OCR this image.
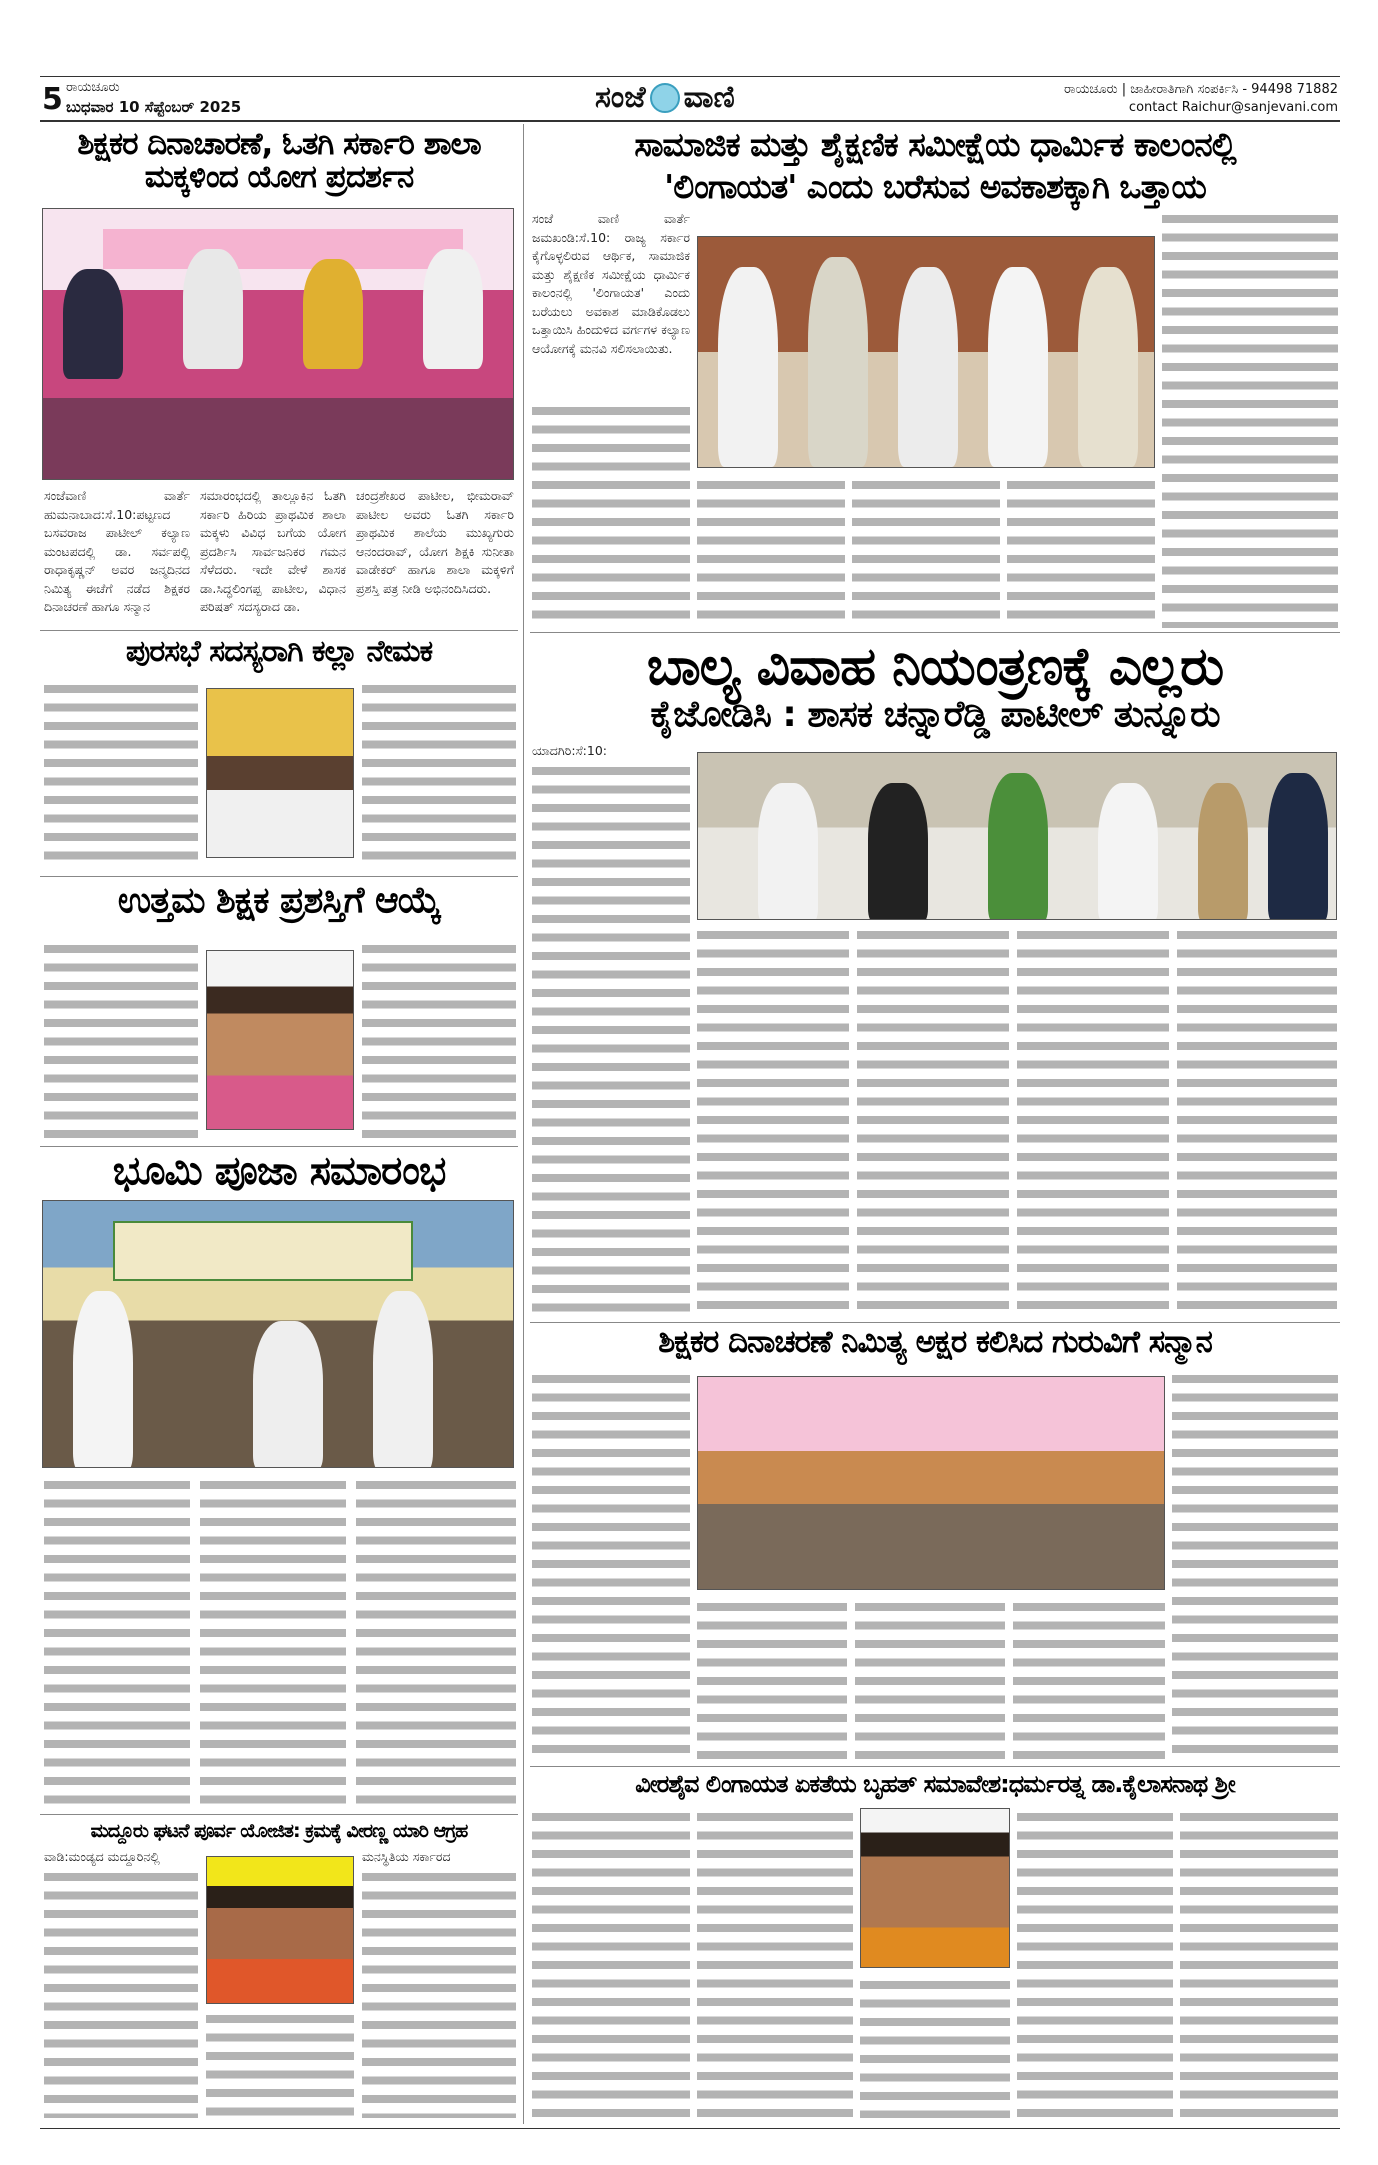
5 ರಾಯಚೂರು
ಬುಧವಾರ 10 ಸೆಪ್ಟೆಂಬರ್ 2025	ಸಂಜೆ ವಾಣಿ	ರಾಯಚೂರು | ಜಾಹೀರಾತಿಗಾಗಿ ಸಂಪರ್ಕಿಸಿ - 94498 71882
contact Raichur@sanjevani.com
ಶಿಕ್ಷಕರ ದಿನಾಚಾರಣೆ, ಓತಗಿ ಸರ್ಕಾರಿ ಶಾಲಾ ಮಕ್ಕಳಿಂದ ಯೋಗ ಪ್ರದರ್ಶನ
ಸಂಜೆವಾಣಿ ವಾರ್ತೆ ಹುಮನಾಬಾದ:ಸೆ.10:ಪಟ್ಟಣದ ಬಸವರಾಜ ಪಾಟೀಲ್ ಕಲ್ಯಾಣ ಮಂಟಪದಲ್ಲಿ ಡಾ. ಸರ್ವಪಲ್ಲಿ ರಾಧಾಕೃಷ್ಣನ್ ಅವರ ಜನ್ಮದಿನದ ನಿಮಿತ್ಯ ಈಚೆಗೆ ನಡೆದ ಶಿಕ್ಷಕರ ದಿನಾಚರಣೆ ಹಾಗೂ ಸನ್ಮಾನ
ಸಮಾರಂಭದಲ್ಲಿ ತಾಲ್ಲೂಕಿನ ಓತಗಿ ಸರ್ಕಾರಿ ಹಿರಿಯ ಪ್ರಾಥಮಿಕ ಶಾಲಾ ಮಕ್ಕಳು ವಿವಿಧ ಬಗೆಯ ಯೋಗ ಪ್ರದರ್ಶಿಸಿ ಸಾರ್ವಜನಿಕರ ಗಮನ ಸೆಳೆದರು. ಇದೇ ವೇಳೆ ಶಾಸಕ ಡಾ.ಸಿದ್ಧಲಿಂಗಪ್ಪ ಪಾಟೀಲ, ವಿಧಾನ ಪರಿಷತ್ ಸದಸ್ಯರಾದ ಡಾ.
ಚಂದ್ರಶೇಖರ ಪಾಟೀಲ, ಭೀಮರಾವ್ ಪಾಟೀಲ ಅವರು ಓತಗಿ ಸರ್ಕಾರಿ ಪ್ರಾಥಮಿಕ ಶಾಲೆಯ ಮುಖ್ಯಗುರು ಆನಂದರಾವ್, ಯೋಗ ಶಿಕ್ಷಕಿ ಸುನೀತಾ ವಾಡೇಕರ್ ಹಾಗೂ ಶಾಲಾ ಮಕ್ಕಳಿಗೆ ಪ್ರಶಸ್ತಿ ಪತ್ರ ನೀಡಿ ಅಭಿನಂದಿಸಿದರು.
ಸಾಮಾಜಿಕ ಮತ್ತು ಶೈಕ್ಷಣಿಕ ಸಮೀಕ್ಷೆಯ ಧಾರ್ಮಿಕ ಕಾಲಂನಲ್ಲಿ
'ಲಿಂಗಾಯತ' ಎಂದು ಬರೆಸುವ ಅವಕಾಶಕ್ಕಾಗಿ ಒತ್ತಾಯ
ಸಂಜೆ ವಾಣಿ ವಾರ್ತೆ ಜಮಖಂಡಿ:ಸೆ.10: ರಾಜ್ಯ ಸರ್ಕಾರ ಕೈಗೊಳ್ಳಲಿರುವ ಆರ್ಥಿಕ, ಸಾಮಾಜಿಕ ಮತ್ತು ಶೈಕ್ಷಣಿಕ ಸಮೀಕ್ಷೆಯ ಧಾರ್ಮಿಕ ಕಾಲಂನಲ್ಲಿ 'ಲಿಂಗಾಯತ' ಎಂದು ಬರೆಯಲು ಅವಕಾಶ ಮಾಡಿಕೊಡಲು ಒತ್ತಾಯಿಸಿ ಹಿಂದುಳಿದ ವರ್ಗಗಳ ಕಲ್ಯಾಣ ಆಯೋಗಕ್ಕೆ ಮನವಿ ಸಲಿಸಲಾಯಿತು.
ಪುರಸಭೆ ಸದಸ್ಯರಾಗಿ ಕಲ್ಲಾ ನೇಮಕ	ಬಾಲ್ಯ ವಿವಾಹ ನಿಯಂತ್ರಣಕ್ಕೆ ಎಲ್ಲರು
ಕೈಜೋಡಿಸಿ : ಶಾಸಕ ಚನ್ನಾರೆಡ್ಡಿ ಪಾಟೀಲ್ ತುನ್ನೂರು
ಯಾದಗಿರಿ:ಸೆ:10:
ಉತ್ತಮ ಶಿಕ್ಷಕ ಪ್ರಶಸ್ತಿಗೆ ಆಯ್ಕೆ
ಭೂಮಿ ಪೂಜಾ ಸಮಾರಂಭ
ಶಿಕ್ಷಕರ ದಿನಾಚರಣೆ ನಿಮಿತ್ಯ ಅಕ್ಷರ ಕಲಿಸಿದ ಗುರುವಿಗೆ ಸನ್ಮಾನ
ಮದ್ದೂರು ಘಟನೆ ಪೂರ್ವ ಯೋಜಿತ: ಕ್ರಮಕ್ಕೆ ವೀರಣ್ಣ ಯಾರಿ ಆಗ್ರಹ
ವಾಡಿ:ಮಂಡ್ಯದ ಮದ್ದೂರಿನಲ್ಲಿ	ಮನಸ್ಥಿತಿಯ ಸರ್ಕಾರದ
ವೀರಶೈವ ಲಿಂಗಾಯತ ಏಕತೆಯ ಬೃಹತ್ ಸಮಾವೇಶ:ಧರ್ಮರತ್ನ ಡಾ.ಕೈಲಾಸನಾಥ ಶ್ರೀ
